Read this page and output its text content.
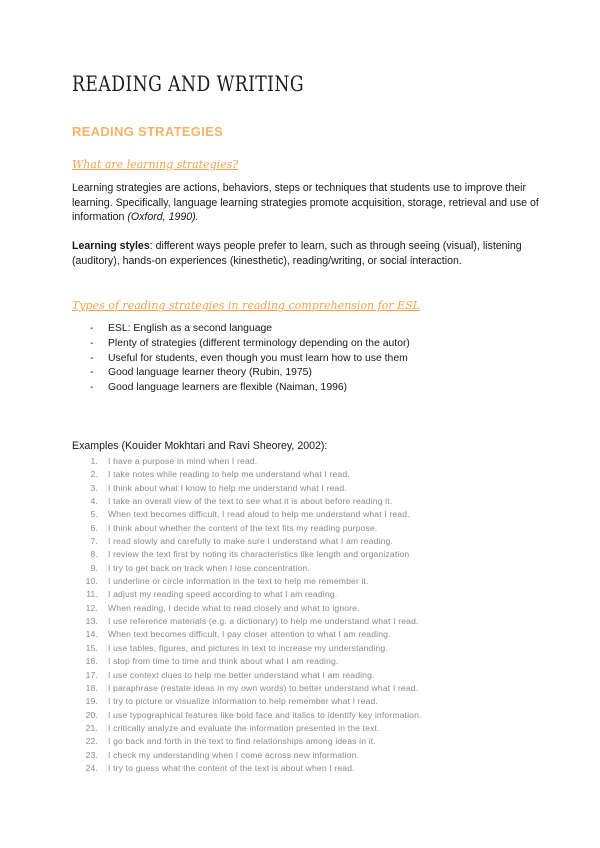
READING AND WRITING
READING STRATEGIES
What are learning strategies?
Learning strategies are actions, behaviors, steps or techniques that students use to improve their learning. Specifically, language learning strategies promote acquisition, storage, retrieval and use of information (Oxford, 1990).
Learning styles: different ways people prefer to learn, such as through seeing (visual), listening (auditory), hands-on experiences (kinesthetic), reading/writing, or social interaction.
Types of reading strategies in reading comprehension for ESL
- ESL: English as a second language
- Plenty of strategies (different terminology depending on the autor)
- Useful for students, even though you must learn how to use them
- Good language learner theory (Rubin, 1975)
- Good language learners are flexible (Naiman, 1996)
Examples (Kouider Mokhtari and Ravi Sheorey, 2002):
1. I have a purpose in mind when I read.
2. I take notes while reading to help me understand what I read.
3. I think about what I know to help me understand what I read.
4. I take an overall view of the text to see what it is about before reading it.
5. When text becomes difficult, I read aloud to help me understand what I read.
6. I think about whether the content of the text fits my reading purpose.
7. I read slowly and carefully to make sure I understand what I am reading.
8. I review the text first by noting its characteristics like length and organization
9. I try to get back on track when I lose concentration.
10. I underline or circle information in the text to help me remember it.
11. I adjust my reading speed according to what I am reading.
12. When reading, I decide what to read closely and what to ignore.
13. I use reference materials (e.g. a dictionary) to help me understand what I read.
14. When text becomes difficult, I pay closer attention to what I am reading.
15. I use tables, figures, and pictures in text to increase my understanding.
16. I stop from time to time and think about what I am reading.
17. I use context clues to help me better understand what I am reading.
18. I paraphrase (restate ideas in my own words) to better understand what I read.
19. I try to picture or visualize information to help remember what I read.
20. I use typographical features like bold face and italics to identify key information.
21. I critically analyze and evaluate the information presented in the text.
22. I go back and forth in the text to find relationships among ideas in it.
23. I check my understanding when I come across new information.
24. I try to guess what the content of the text is about when I read.
